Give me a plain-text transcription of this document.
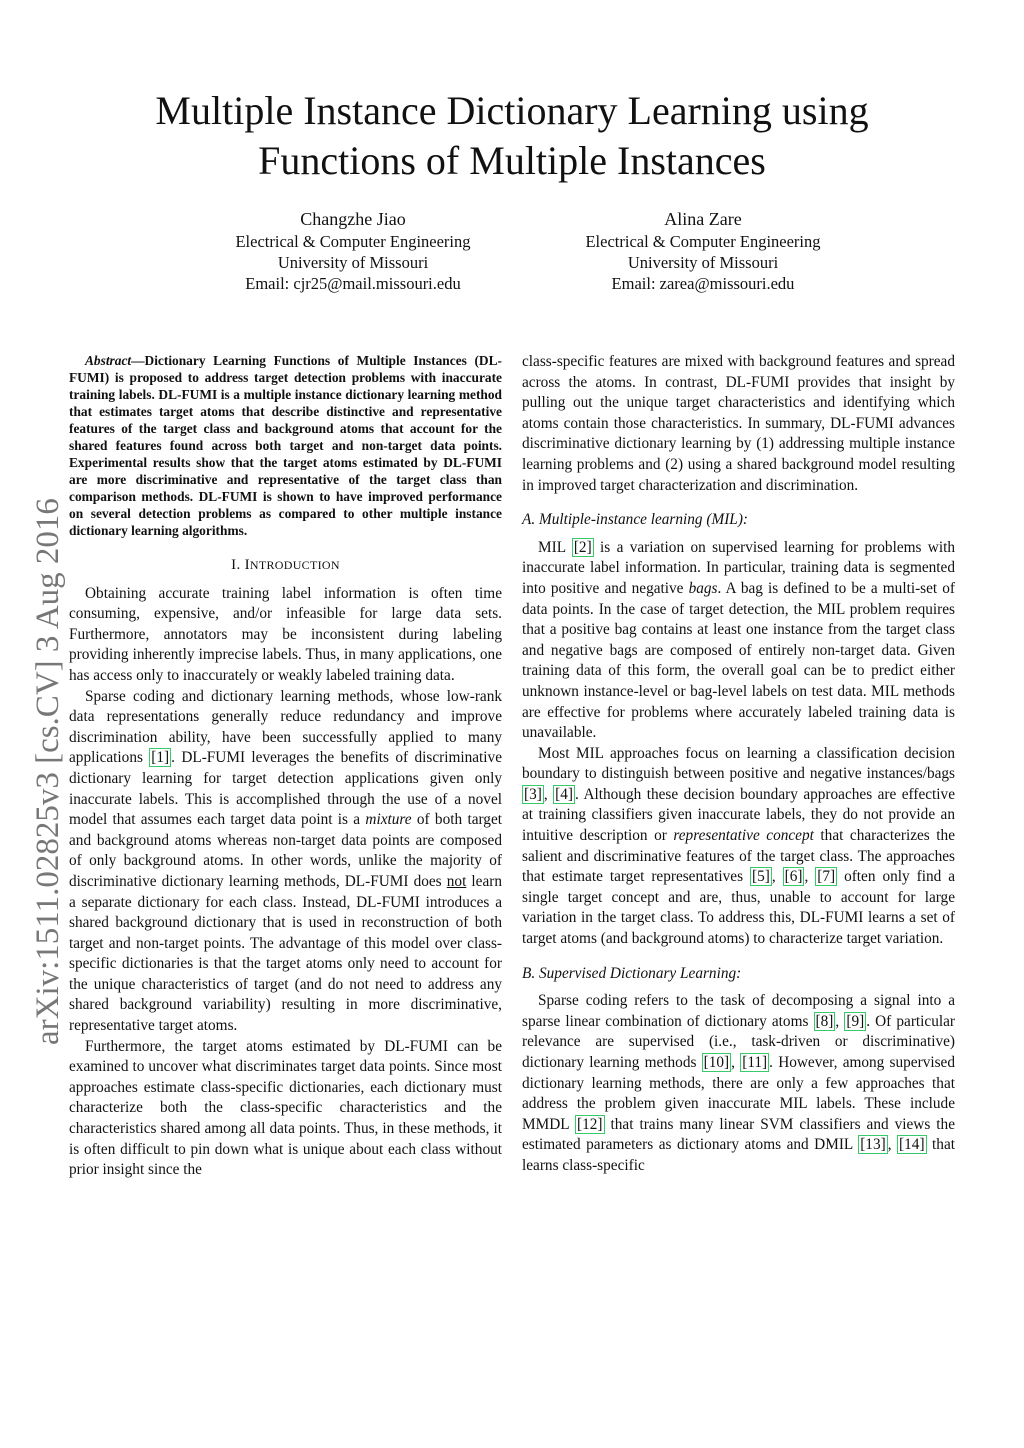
Multiple Instance Dictionary Learning using
Functions of Multiple Instances
Changzhe Jiao
Electrical & Computer Engineering
University of Missouri
Email: cjr25@mail.missouri.edu
Alina Zare
Electrical & Computer Engineering
University of Missouri
Email: zarea@missouri.edu
arXiv:1511.02825v3 [cs.CV] 3 Aug 2016

Abstract—Dictionary Learning Functions of Multiple Instances (DL-FUMI) is proposed to address target detection problems with inaccurate training labels. DL-FUMI is a multiple instance dictionary learning method that estimates target atoms that describe distinctive and representative features of the target class and background atoms that account for the shared features found across both target and non-target data points. Experimental results show that the target atoms estimated by DL-FUMI are more discriminative and representative of the target class than comparison methods. DL-FUMI is shown to have improved performance on several detection problems as compared to other multiple instance dictionary learning algorithms.

I. INTRODUCTION

Obtaining accurate training label information is often time consuming, expensive, and/or infeasible for large data sets. Furthermore, annotators may be inconsistent during labeling providing inherently imprecise labels. Thus, in many applications, one has access only to inaccurately or weakly labeled training data.

Sparse coding and dictionary learning methods, whose low-rank data representations generally reduce redundancy and improve discrimination ability, have been successfully applied to many applications [1] . DL-FUMI leverages the benefits of discriminative dictionary learning for target detection applications given only inaccurate labels. This is accomplished through the use of a novel model that assumes each target data point is a mixture of both target and background atoms whereas non-target data points are composed of only background atoms. In other words, unlike the majority of discriminative dictionary learning methods, DL-FUMI does not learn a separate dictionary for each class. Instead, DL-FUMI introduces a shared background dictionary that is used in reconstruction of both target and non-target points. The advantage of this model over class-specific dictionaries is that the target atoms only need to account for the unique characteristics of target (and do not need to address any shared background variability) resulting in more discriminative, representative target atoms.

Furthermore, the target atoms estimated by DL-FUMI can be examined to uncover what discriminates target data points. Since most approaches estimate class-specific dictionaries, each dictionary must characterize both the class-specific characteristics and the characteristics shared among all data points. Thus, in these methods, it is often difficult to pin down what is unique about each class without prior insight since the

class-specific features are mixed with background features and spread across the atoms. In contrast, DL-FUMI provides that insight by pulling out the unique target characteristics and identifying which atoms contain those characteristics. In summary, DL-FUMI advances discriminative dictionary learning by (1) addressing multiple instance learning problems and (2) using a shared background model resulting in improved target characterization and discrimination.

A. Multiple-instance learning (MIL):

MIL [2] is a variation on supervised learning for problems with inaccurate label information. In particular, training data is segmented into positive and negative bags. A bag is defined to be a multi-set of data points. In the case of target detection, the MIL problem requires that a positive bag contains at least one instance from the target class and negative bags are composed of entirely non-target data. Given training data of this form, the overall goal can be to predict either unknown instance-level or bag-level labels on test data. MIL methods are effective for problems where accurately labeled training data is unavailable.

Most MIL approaches focus on learning a classification decision boundary to distinguish between positive and negative instances/bags [3] , [4] . Although these decision boundary approaches are effective at training classifiers given inaccurate labels, they do not provide an intuitive description or representative concept that characterizes the salient and discriminative features of the target class. The approaches that estimate target representatives [5] , [6] , [7] often only find a single target concept and are, thus, unable to account for large variation in the target class. To address this, DL-FUMI learns a set of target atoms (and background atoms) to characterize target variation.

B. Supervised Dictionary Learning:

Sparse coding refers to the task of decomposing a signal into a sparse linear combination of dictionary atoms [8] , [9] . Of particular relevance are supervised (i.e., task-driven or discriminative) dictionary learning methods [10] , [11] . However, among supervised dictionary learning methods, there are only a few approaches that address the problem given inaccurate MIL labels. These include MMDL [12] that trains many linear SVM classifiers and views the estimated parameters as dictionary atoms and DMIL [13] , [14] that learns class-specific
